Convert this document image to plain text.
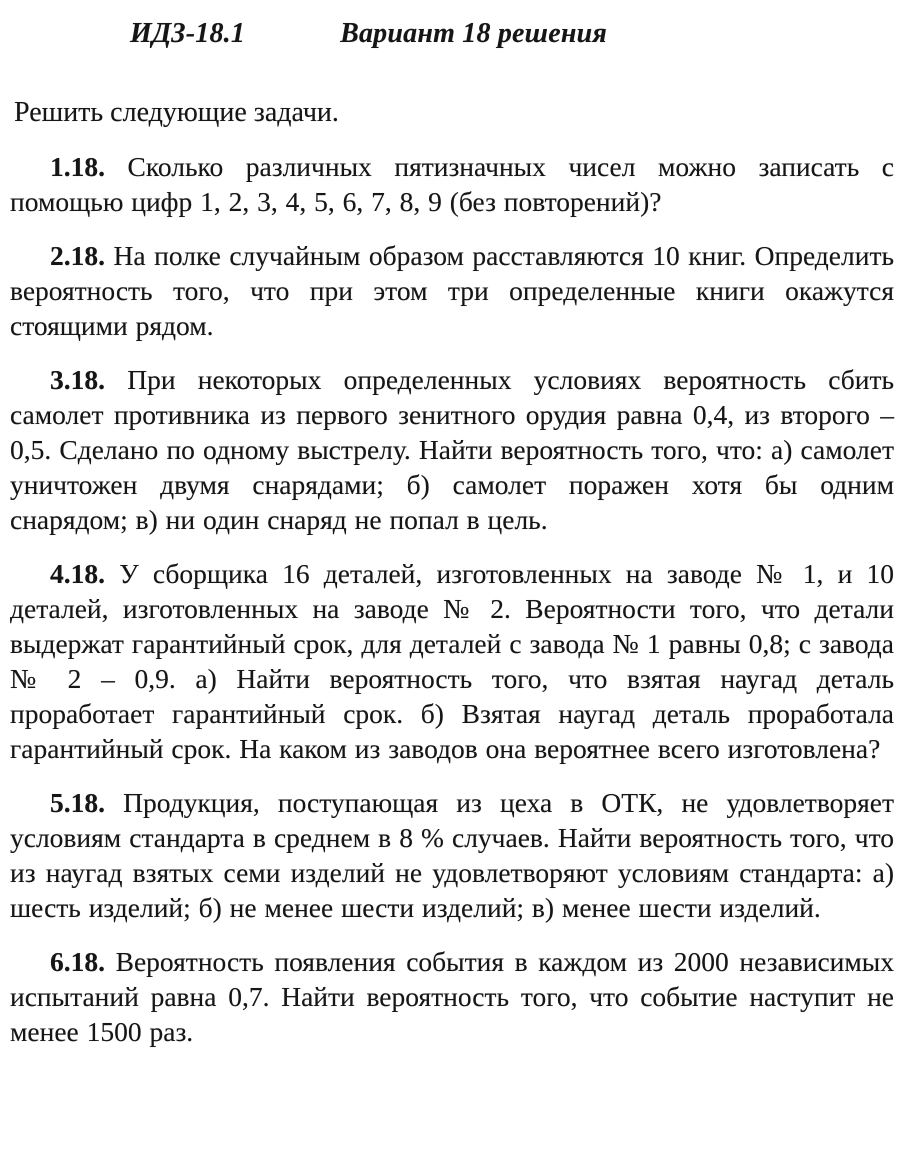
ИДЗ-18.1	Вариант 18 решения
Решить следующие задачи.

1.18. Сколько различных пятизначных чисел можно записать с помощью цифр 1, 2, 3, 4, 5, 6, 7, 8, 9 (без повторений)?

2.18. На полке случайным образом расставляются 10 книг. Определить вероятность того, что при этом три определенные книги окажутся стоящими рядом.

3.18. При некоторых определенных условиях вероятность сбить самолет противника из первого зенитного орудия равна 0,4, из второго – 0,5. Сделано по одному выстрелу. Найти вероятность того, что: а) самолет уничтожен двумя снарядами; б) самолет поражен хотя бы одним снарядом; в) ни один снаряд не попал в цель.

4.18. У сборщика 16 деталей, изготовленных на заводе № 1, и 10 деталей, изготовленных на заводе № 2. Вероятности того, что детали выдержат гарантийный срок, для деталей с завода № 1 равны 0,8; с завода № 2 – 0,9. а) Найти вероятность того, что взятая наугад деталь проработает гарантийный срок. б) Взятая наугад деталь проработала гарантийный срок. На каком из заводов она вероятнее всего изготовлена?

5.18. Продукция, поступающая из цеха в ОТК, не удовлетворяет условиям стандарта в среднем в 8 % случаев. Найти вероятность того, что из наугад взятых семи изделий не удовлетворяют условиям стандарта: а) шесть изделий; б) не менее шести изделий; в) менее шести изделий.

6.18. Вероятность появления события в каждом из 2000 независимых испытаний равна 0,7. Найти вероятность того, что событие наступит не менее 1500 раз.
